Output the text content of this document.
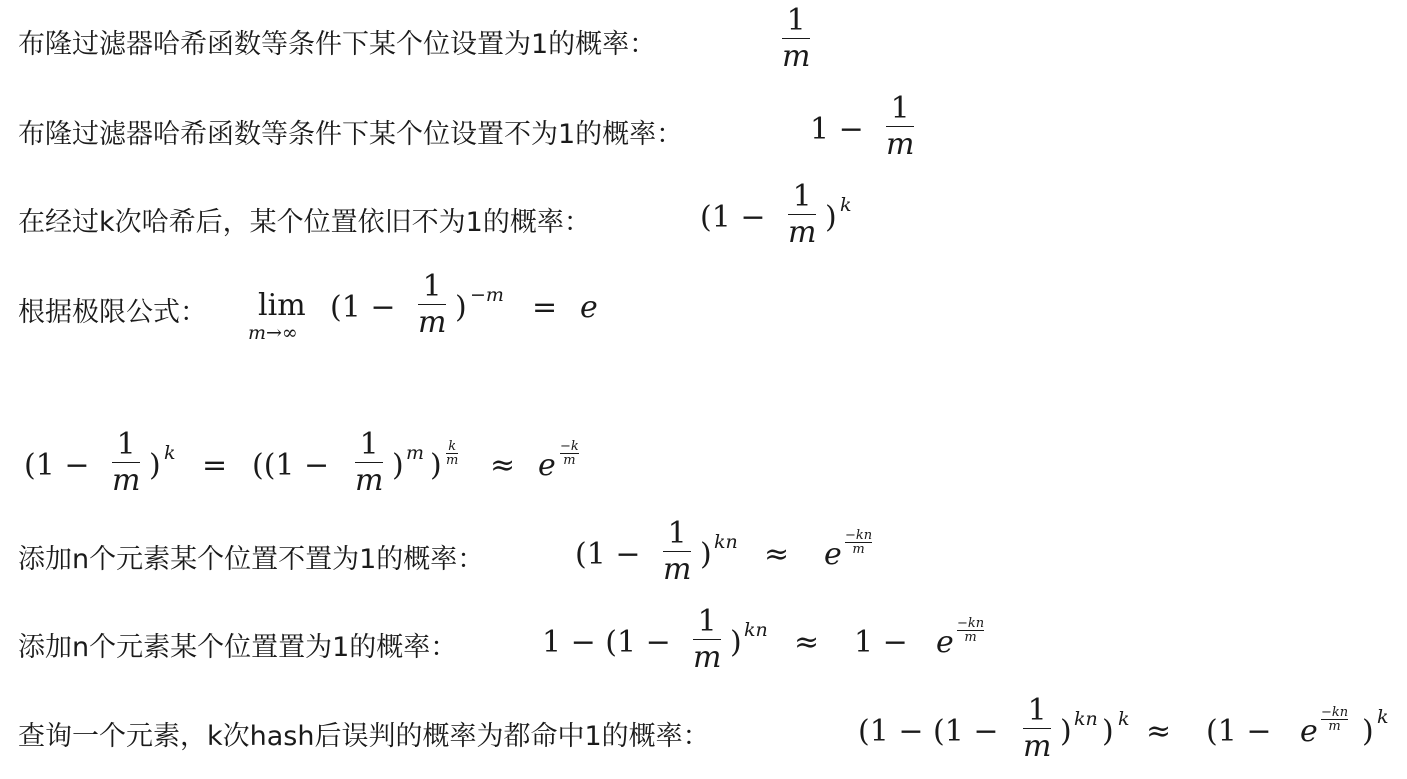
布隆过滤器哈希函数等条件下某个位设置为1的概率：
1
m
布隆过滤器哈希函数等条件下某个位设置不为1的概率：	1 −
1
m
在经过k次哈希后，某个位置依旧不为1的概率：	(1 −
1
m ) k
根据极限公式： lim
m→∞
(1 −
1
m ) −m = e
(1 −
1
m ) k = ((1 −
1
m ) m )
k
m ≈ e
−k
m
添加n个元素某个位置不置为1的概率：	(1 −
1
m ) kn ≈ e
−kn
m
添加n个元素某个位置置为1的概率：	1 − (1 −
1
m ) kn ≈ 1 − e
−kn
m
查询一个元素，k次hash后误判的概率为都命中1的概率：	(1 − (1 −
1
m ) kn ) k ≈ (1 − e
−kn
m ) k
